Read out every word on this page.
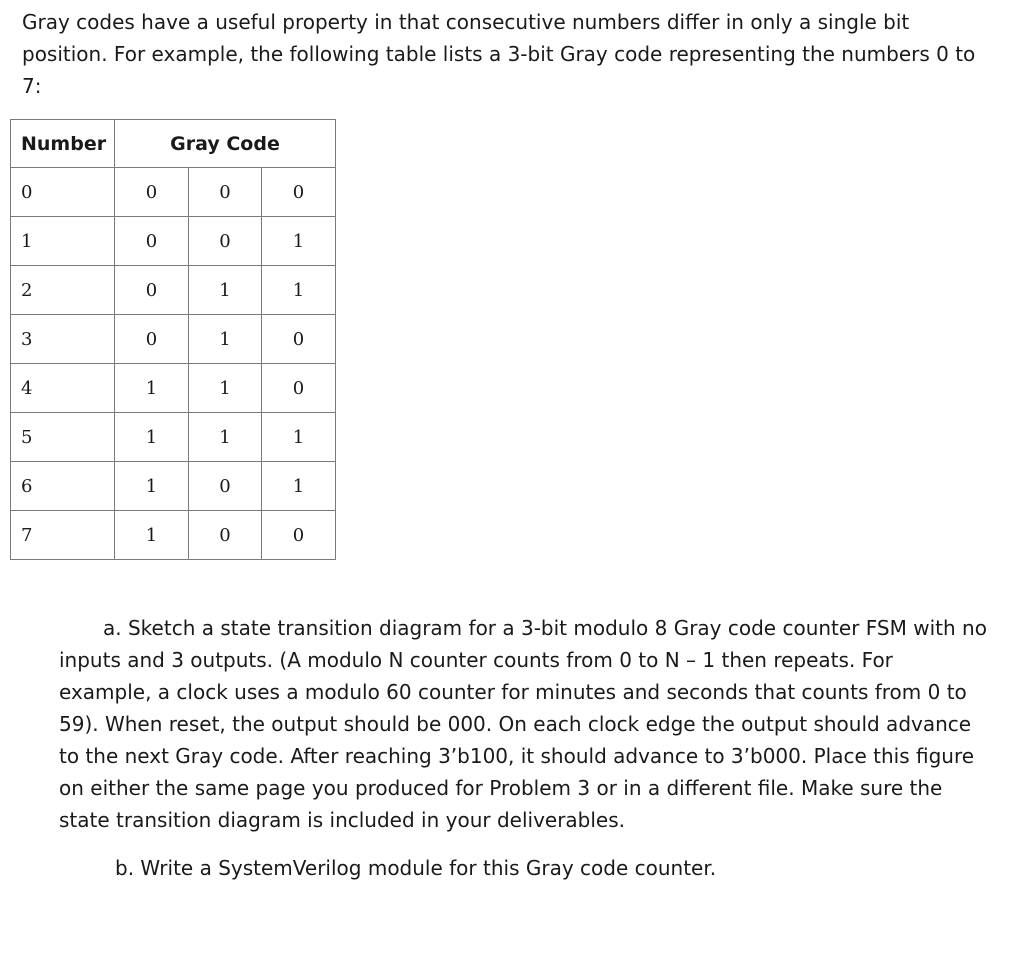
Gray codes have a useful property in that consecutive numbers differ in only a single bit position. For example, the following table lists a 3-bit Gray code representing the numbers 0 to 7:

Number	Gray Code		
0	0	0	0
1	0	0	1
2	0	1	1
3	0	1	0
4	1	1	0
5	1	1	1
6	1	0	1
7	1	0	0

a. Sketch a state transition diagram for a 3-bit modulo 8 Gray code counter FSM with no inputs and 3 outputs. (A modulo N counter counts from 0 to N – 1 then repeats. For example, a clock uses a modulo 60 counter for minutes and seconds that counts from 0 to 59). When reset, the output should be 000. On each clock edge the output should advance to the next Gray code. After reaching 3’b100, it should advance to 3’b000. Place this figure on either the same page you produced for Problem 3 or in a different file. Make sure the state transition diagram is included in your deliverables.

b. Write a SystemVerilog module for this Gray code counter.
